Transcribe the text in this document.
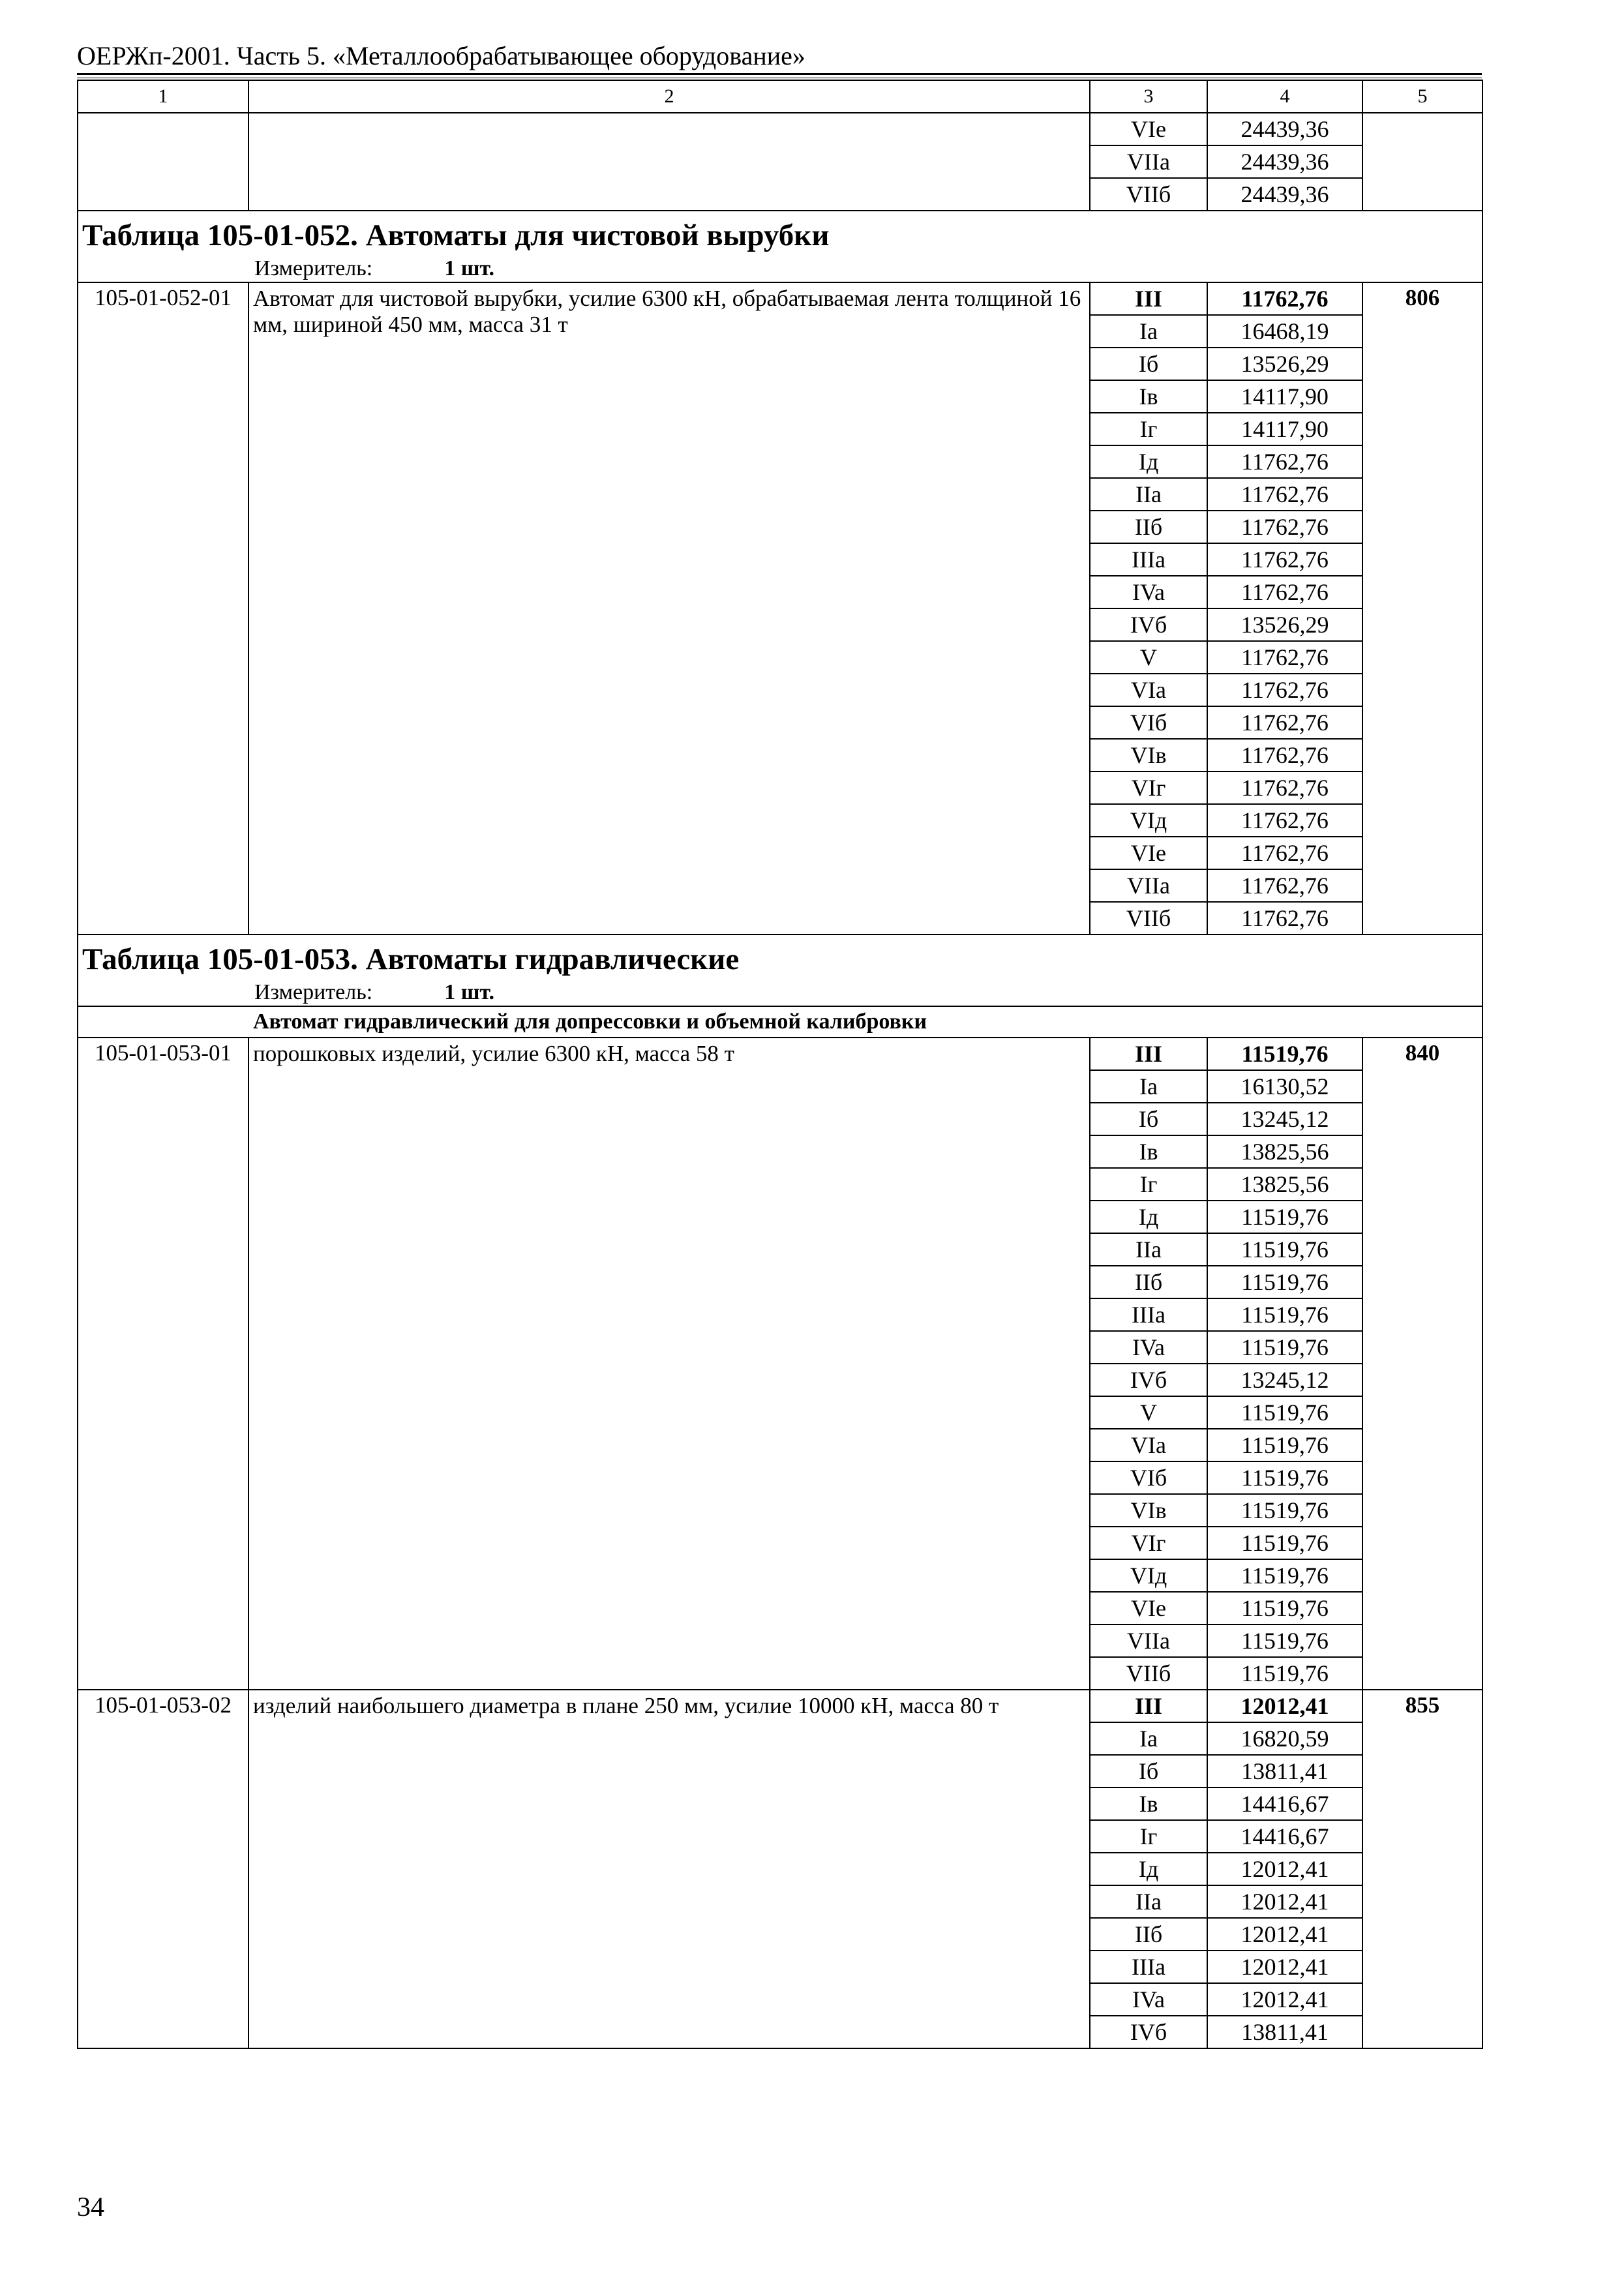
ОЕРЖп-2001. Часть 5. «Металлообрабатывающее оборудование»
1	2	3	4	5
		VIe	24439,36	
		VIIa	24439,36	
		VIIб	24439,36	
Таблица 105-01-052. Автоматы для чистовой вырубки				
Измеритель: 1 шт.				
105-01-052-01	Автомат для чистовой вырубки, усилие 6300 кН, обрабатываемая лента толщиной 16 мм, шириной 450 мм, масса 31 т	III	11762,76	806
		Ia	16468,19	
		Iб	13526,29	
		Iв	14117,90	
		Iг	14117,90	
		Iд	11762,76	
		IIa	11762,76	
		IIб	11762,76	
		IIIa	11762,76	
		IVa	11762,76	
		IVб	13526,29	
		V	11762,76	
		VIa	11762,76	
		VIб	11762,76	
		VIв	11762,76	
		VIг	11762,76	
		VIд	11762,76	
		VIe	11762,76	
		VIIa	11762,76	
		VIIб	11762,76	
Таблица 105-01-053. Автоматы гидравлические				
Измеритель: 1 шт.				
Автомат гидравлический для допрессовки и объемной калибровки				
105-01-053-01	порошковых изделий, усилие 6300 кН, масса 58 т	III	11519,76	840
		Ia	16130,52	
		Iб	13245,12	
		Iв	13825,56	
		Iг	13825,56	
		Iд	11519,76	
		IIa	11519,76	
		IIб	11519,76	
		IIIa	11519,76	
		IVa	11519,76	
		IVб	13245,12	
		V	11519,76	
		VIa	11519,76	
		VIб	11519,76	
		VIв	11519,76	
		VIг	11519,76	
		VIд	11519,76	
		VIe	11519,76	
		VIIa	11519,76	
		VIIб	11519,76	
105-01-053-02	изделий наибольшего диаметра в плане 250 мм, усилие 10000 кН, масса 80 т	III	12012,41	855
		Ia	16820,59	
		Iб	13811,41	
		Iв	14416,67	
		Iг	14416,67	
		Iд	12012,41	
		IIa	12012,41	
		IIб	12012,41	
		IIIa	12012,41	
		IVa	12012,41	
		IVб	13811,41	
34
